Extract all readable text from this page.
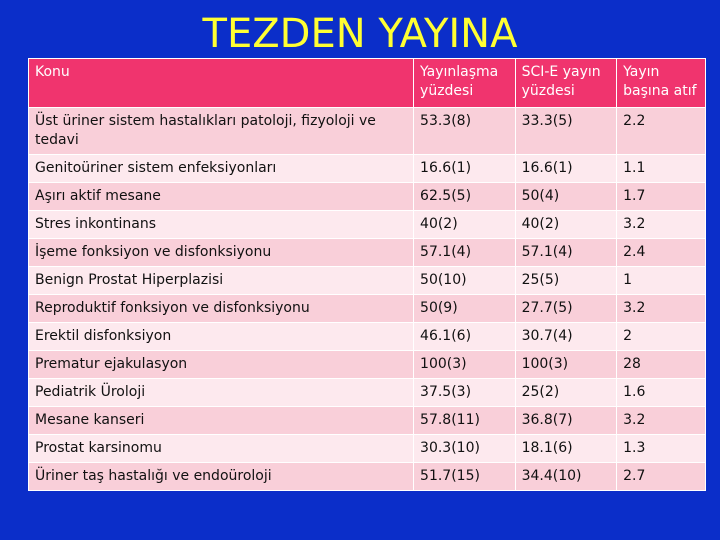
TEZDEN YAYINA
Konu	Yayınlaşma yüzdesi	SCI-E yayın yüzdesi	Yayın başına atıf
Üst üriner sistem hastalıkları patoloji, fizyoloji ve tedavi	53.3(8)	33.3(5)	2.2
Genitoüriner sistem enfeksiyonları	16.6(1)	16.6(1)	1.1
Aşırı aktif mesane	62.5(5)	50(4)	1.7
Stres inkontinans	40(2)	40(2)	3.2
İşeme fonksiyon ve disfonksiyonu	57.1(4)	57.1(4)	2.4
Benign Prostat Hiperplazisi	50(10)	25(5)	1
Reproduktif fonksiyon ve disfonksiyonu	50(9)	27.7(5)	3.2
Erektil disfonksiyon	46.1(6)	30.7(4)	2
Prematur ejakulasyon	100(3)	100(3)	28
Pediatrik Üroloji	37.5(3)	25(2)	1.6
Mesane kanseri	57.8(11)	36.8(7)	3.2
Prostat karsinomu	30.3(10)	18.1(6)	1.3
Üriner taş hastalığı ve endoüroloji	51.7(15)	34.4(10)	2.7
